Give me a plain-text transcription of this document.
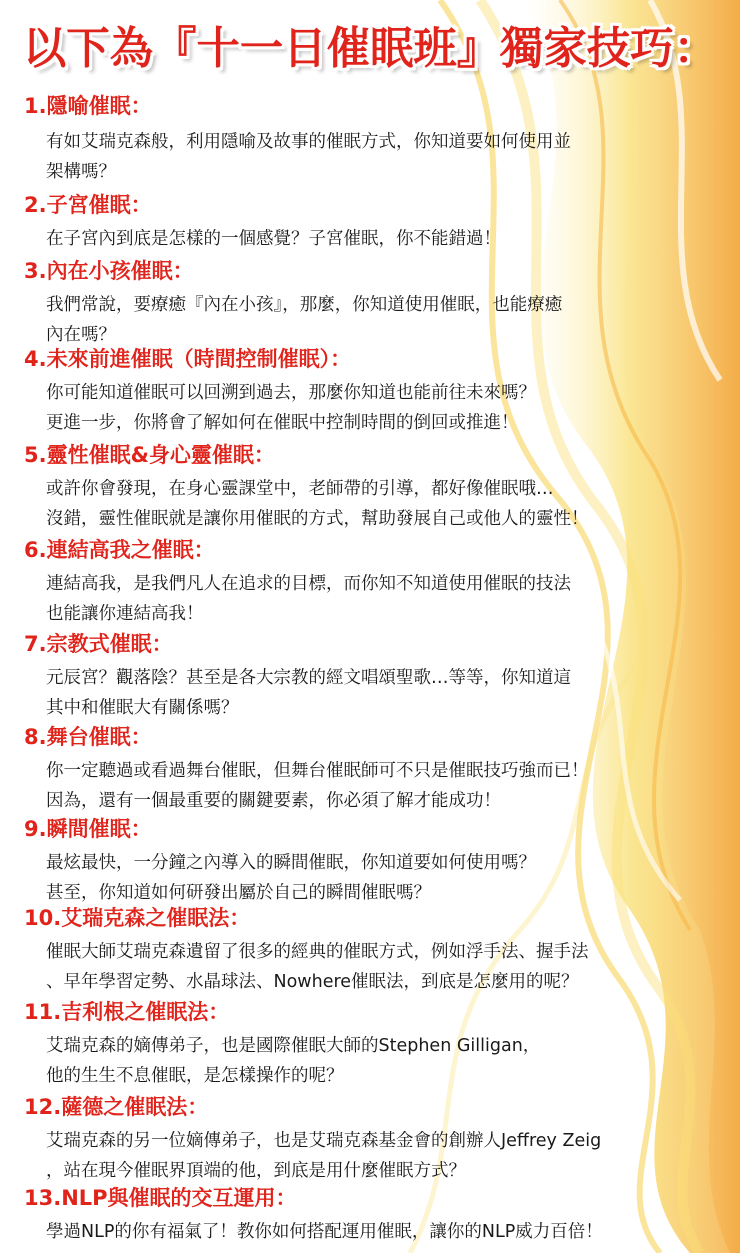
以下為『十一日催眠班』獨家技巧：
1.隱喻催眠：
有如艾瑞克森般，利用隱喻及故事的催眠方式，你知道要如何使用並
架構嗎？
2.子宮催眠：
在子宮內到底是怎樣的一個感覺？子宮催眠，你不能錯過！
3.內在小孩催眠：
我們常說，要療癒『內在小孩』，那麼，你知道使用催眠，也能療癒
內在嗎？
4.未來前進催眠（時間控制催眠）：
你可能知道催眠可以回溯到過去，那麼你知道也能前往未來嗎？
更進一步，你將會了解如何在催眠中控制時間的倒回或推進！
5.靈性催眠&身心靈催眠：
或許你會發現，在身心靈課堂中，老師帶的引導，都好像催眠哦…
沒錯，靈性催眠就是讓你用催眠的方式，幫助發展自己或他人的靈性！
6.連結高我之催眠：
連結高我，是我們凡人在追求的目標，而你知不知道使用催眠的技法
也能讓你連結高我！
7.宗教式催眠：
元辰宮？觀落陰？甚至是各大宗教的經文唱頌聖歌…等等，你知道這
其中和催眠大有關係嗎？
8.舞台催眠：
你一定聽過或看過舞台催眠，但舞台催眠師可不只是催眠技巧強而已！
因為，還有一個最重要的關鍵要素，你必須了解才能成功！
9.瞬間催眠：
最炫最快，一分鐘之內導入的瞬間催眠，你知道要如何使用嗎？
甚至，你知道如何研發出屬於自己的瞬間催眠嗎？
10.艾瑞克森之催眠法：
催眠大師艾瑞克森遺留了很多的經典的催眠方式，例如浮手法、握手法
、早年學習定勢、水晶球法、Nowhere催眠法，到底是怎麼用的呢？
11.吉利根之催眠法：
艾瑞克森的嫡傳弟子，也是國際催眠大師的Stephen Gilligan，
他的生生不息催眠，是怎樣操作的呢？
12.薩德之催眠法：
艾瑞克森的另一位嫡傳弟子，也是艾瑞克森基金會的創辦人Jeffrey Zeig
，站在現今催眠界頂端的他，到底是用什麼催眠方式？
13.NLP與催眠的交互運用：
學過NLP的你有福氣了！教你如何搭配運用催眠，讓你的NLP威力百倍！
